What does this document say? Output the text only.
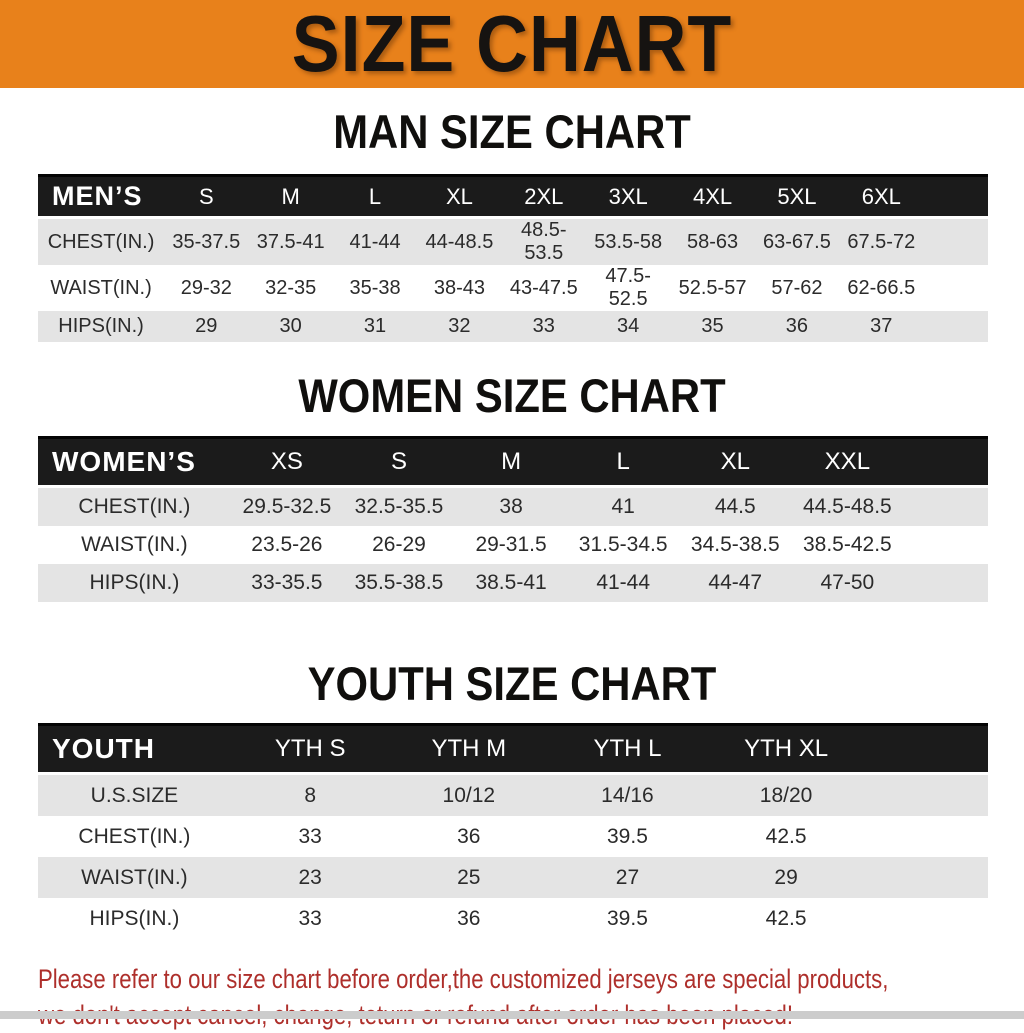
SIZE CHART
MAN SIZE CHART
MEN’S	S	M	L	XL	2XL	3XL	4XL	5XL	6XL	
CHEST(IN.)	35-37.5	37.5-41	41-44	44-48.5	48.5-53.5	53.5-58	58-63	63-67.5	67.5-72	
WAIST(IN.)	29-32	32-35	35-38	38-43	43-47.5	47.5-52.5	52.5-57	57-62	62-66.5	
HIPS(IN.)	29	30	31	32	33	34	35	36	37	
WOMEN SIZE CHART
WOMEN’S	XS	S	M	L	XL	XXL	
CHEST(IN.)	29.5-32.5	32.5-35.5	38	41	44.5	44.5-48.5	
WAIST(IN.)	23.5-26	26-29	29-31.5	31.5-34.5	34.5-38.5	38.5-42.5	
HIPS(IN.)	33-35.5	35.5-38.5	38.5-41	41-44	44-47	47-50	
YOUTH SIZE CHART
YOUTH	YTH S	YTH M	YTH L	YTH XL	
U.S.SIZE	8	10/12	14/16	18/20	
CHEST(IN.)	33	36	39.5	42.5	
WAIST(IN.)	23	25	27	29	
HIPS(IN.)	33	36	39.5	42.5	
Please refer to our size chart before order,the customized jerseys are special products,
